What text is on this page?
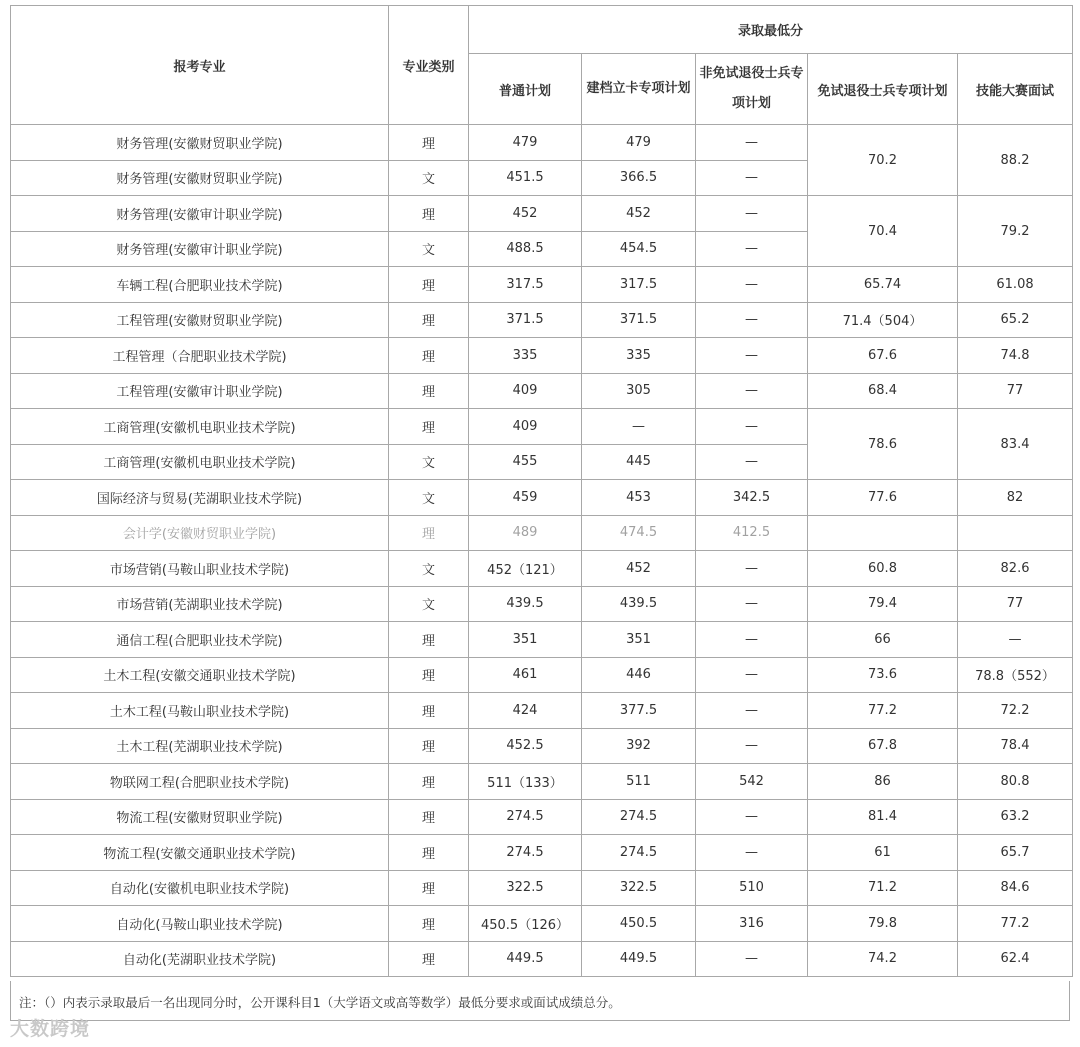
报考专业	专业类别	录取最低分				
		普通计划	建档立卡专项计划	非免试退役士兵专项计划	免试退役士兵专项计划	技能大赛面试
财务管理(安徽财贸职业学院)	理	479	479	—	70.2	88.2
财务管理(安徽财贸职业学院)	文	451.5	366.5	—		
财务管理(安徽审计职业学院)	理	452	452	—	70.4	79.2
财务管理(安徽审计职业学院)	文	488.5	454.5	—		
车辆工程(合肥职业技术学院)	理	317.5	317.5	—	65.74	61.08
工程管理(安徽财贸职业学院)	理	371.5	371.5	—	71.4（504）	65.2
工程管理（合肥职业技术学院)	理	335	335	—	67.6	74.8
工程管理(安徽审计职业学院)	理	409	305	—	68.4	77
工商管理(安徽机电职业技术学院)	理	409	—	—	78.6	83.4
工商管理(安徽机电职业技术学院)	文	455	445	—		
国际经济与贸易(芜湖职业技术学院)	文	459	453	342.5	77.6	82
会计学(安徽财贸职业学院)	理	489	474.5	412.5		
市场营销(马鞍山职业技术学院)	文	452（121）	452	—	60.8	82.6
市场营销(芜湖职业技术学院)	文	439.5	439.5	—	79.4	77
通信工程(合肥职业技术学院)	理	351	351	—	66	—
土木工程(安徽交通职业技术学院)	理	461	446	—	73.6	78.8（552）
土木工程(马鞍山职业技术学院)	理	424	377.5	—	77.2	72.2
土木工程(芜湖职业技术学院)	理	452.5	392	—	67.8	78.4
物联网工程(合肥职业技术学院)	理	511（133）	511	542	86	80.8
物流工程(安徽财贸职业学院)	理	274.5	274.5	—	81.4	63.2
物流工程(安徽交通职业技术学院)	理	274.5	274.5	—	61	65.7
自动化(安徽机电职业技术学院)	理	322.5	322.5	510	71.2	84.6
自动化(马鞍山职业技术学院)	理	450.5（126）	450.5	316	79.8	77.2
自动化(芜湖职业技术学院)	理	449.5	449.5	—	74.2	62.4
注：（）内表示录取最后一名出现同分时，公开课科目1（大学语文或高等数学）最低分要求或面试成绩总分。
大数跨境
